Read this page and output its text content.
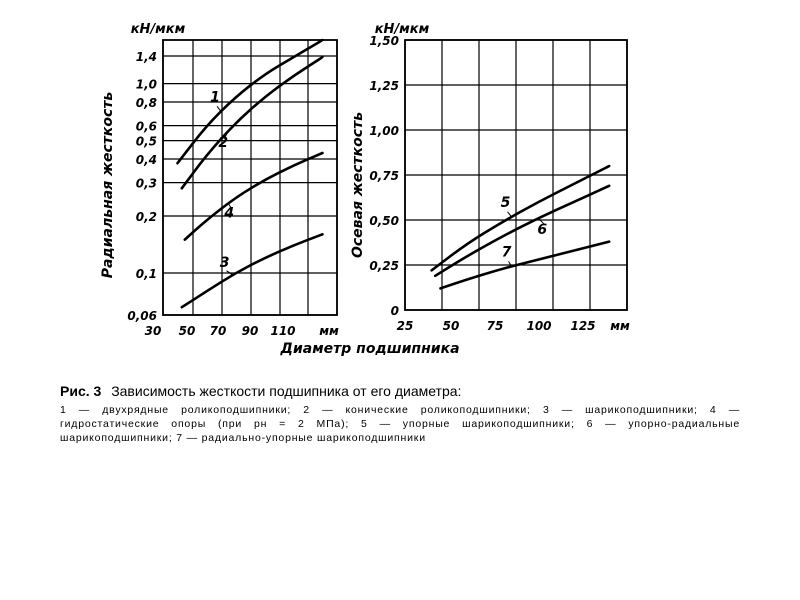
1,4
1,0
0,8
0,6
0,5
0,4
0,3
0,2
0,1
0,06
30 50 70 90 110 мм
кН/мкм
Радиальная жесткость	1
2
4
3
1,50
1,25
1,00
0,75
0,50
0,25
0
25 50 75 100 125 мм
кН/мкм
Осевая жесткость	5
6
7
Диаметр подшипника
Рис. 3 Зависимость жесткости подшипника от его диаметра:
1 — двухрядные роликоподшипники; 2 — конические роликоподшипники; 3 — шарикоподшипники; 4 — гидростатические опоры (при pн = 2 МПа); 5 — упорные шарикоподшипники; 6 — упорно-радиальные шарикоподшипники; 7 — радиально-упорные шарикоподшипники
